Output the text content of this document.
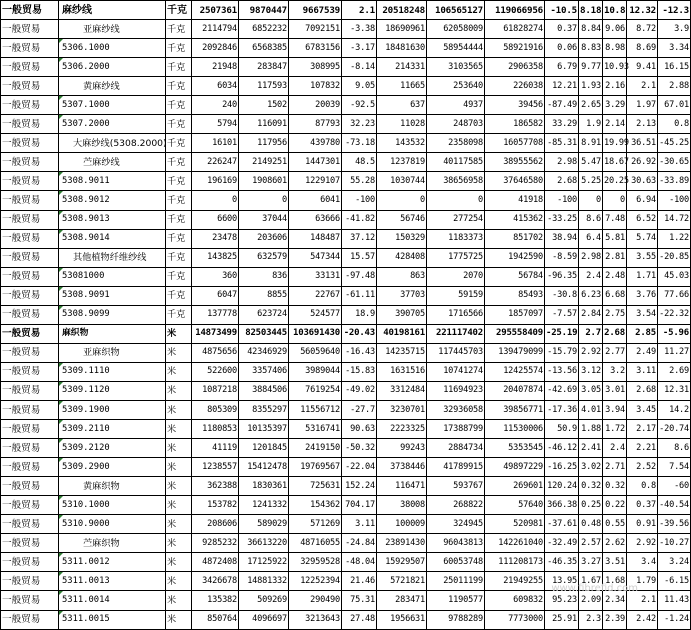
一般贸易	麻纱线	千克	2507361	9870447	9667539	2.1	20518248	106565127	119066956	-10.5	8.18	10.8	12.32	-12.3
一般贸易	亚麻纱线	千克	2114794	6852232	7092151	-3.38	18690961	62058009	61828274	0.37	8.84	9.06	8.72	3.9
一般贸易	5306.1000	千克	2092846	6568385	6783156	-3.17	18481630	58954444	58921916	0.06	8.83	8.98	8.69	3.34
一般贸易	5306.2000	千克	21948	283847	308995	-8.14	214331	3103565	2906358	6.79	9.77	10.93	9.41	16.15
一般贸易	黄麻纱线	千克	6034	117593	107832	9.05	11665	253640	226038	12.21	1.93	2.16	2.1	2.88
一般贸易	5307.1000	千克	240	1502	20039	-92.5	637	4937	39456	-87.49	2.65	3.29	1.97	67.01
一般贸易	5307.2000	千克	5794	116091	87793	32.23	11028	248703	186582	33.29	1.9	2.14	2.13	0.8
一般贸易	大麻纱线(5308.2000)	千克	16101	117956	439780	-73.18	143532	2358098	16057708	-85.31	8.91	19.99	36.51	-45.25
一般贸易	苎麻纱线	千克	226247	2149251	1447301	48.5	1237819	40117585	38955562	2.98	5.47	18.67	26.92	-30.65
一般贸易	5308.9011	千克	196169	1908601	1229107	55.28	1030744	38656958	37646580	2.68	5.25	20.25	30.63	-33.89
一般贸易	5308.9012	千克	0	0	6041	-100	0	0	41918	-100	0	0	6.94	-100
一般贸易	5308.9013	千克	6600	37044	63666	-41.82	56746	277254	415362	-33.25	8.6	7.48	6.52	14.72
一般贸易	5308.9014	千克	23478	203606	148487	37.12	150329	1183373	851702	38.94	6.4	5.81	5.74	1.22
一般贸易	其他植物纤维纱线	千克	143825	632579	547344	15.57	428408	1775725	1942590	-8.59	2.98	2.81	3.55	-20.85
一般贸易	53081000	千克	360	836	33131	-97.48	863	2070	56784	-96.35	2.4	2.48	1.71	45.03
一般贸易	5308.9091	千克	6047	8855	22767	-61.11	37703	59159	85493	-30.8	6.23	6.68	3.76	77.66
一般贸易	5308.9099	千克	137778	623724	524577	18.9	390705	1716566	1857097	-7.57	2.84	2.75	3.54	-22.32
一般贸易	麻织物	米	14873499	82503445	103691430	-20.43	40198161	221117402	295558409	-25.19	2.7	2.68	2.85	-5.96
一般贸易	亚麻织物	米	4875656	42346929	56059640	-16.43	14235715	117445703	139479099	-15.79	2.92	2.77	2.49	11.27
一般贸易	5309.1110	米	522600	3357406	3989044	-15.83	1631516	10741274	12425574	-13.56	3.12	3.2	3.11	2.69
一般贸易	5309.1120	米	1087218	3884506	7619254	-49.02	3312484	11694923	20407874	-42.69	3.05	3.01	2.68	12.31
一般贸易	5309.1900	米	805309	8355297	11556712	-27.7	3230701	32936058	39856771	-17.36	4.01	3.94	3.45	14.2
一般贸易	5309.2110	米	1180853	10135397	5316741	90.63	2223325	17388799	11530006	50.9	1.88	1.72	2.17	-20.74
一般贸易	5309.2120	米	41119	1201845	2419150	-50.32	99243	2884734	5353545	-46.12	2.41	2.4	2.21	8.6
一般贸易	5309.2900	米	1238557	15412478	19769567	-22.04	3738446	41789915	49897229	-16.25	3.02	2.71	2.52	7.54
一般贸易	黄麻织物	米	362388	1830361	725631	152.24	116471	593767	269601	120.24	0.32	0.32	0.8	-60
一般贸易	5310.1000	米	153782	1241332	154362	704.17	38008	268822	57640	366.38	0.25	0.22	0.37	-40.54
一般贸易	5310.9000	米	208606	589029	571269	3.11	100009	324945	520981	-37.61	0.48	0.55	0.91	-39.56
一般贸易	苎麻织物	米	9285232	36613220	48716055	-24.84	23891430	96043813	142261040	-32.49	2.57	2.62	2.92	-10.27
一般贸易	5311.0012	米	4872408	17125922	32959528	-48.04	15929507	60053748	111208173	-46.35	3.27	3.51	3.4	3.24
一般贸易	5311.0013	米	3426678	14881332	12252394	21.46	5721821	25011199	21949255	13.95	1.67	1.68	1.79	-6.15
一般贸易	5311.0014	米	135382	509269	290490	75.31	283471	1190577	609832	95.23	2.09	2.34	2.1	11.43
一般贸易	5311.0015	米	850764	4096697	3213643	27.48	1956631	9788289	7773000	25.91	2.3	2.39	2.42	-1.24
www.fibrefid.com
